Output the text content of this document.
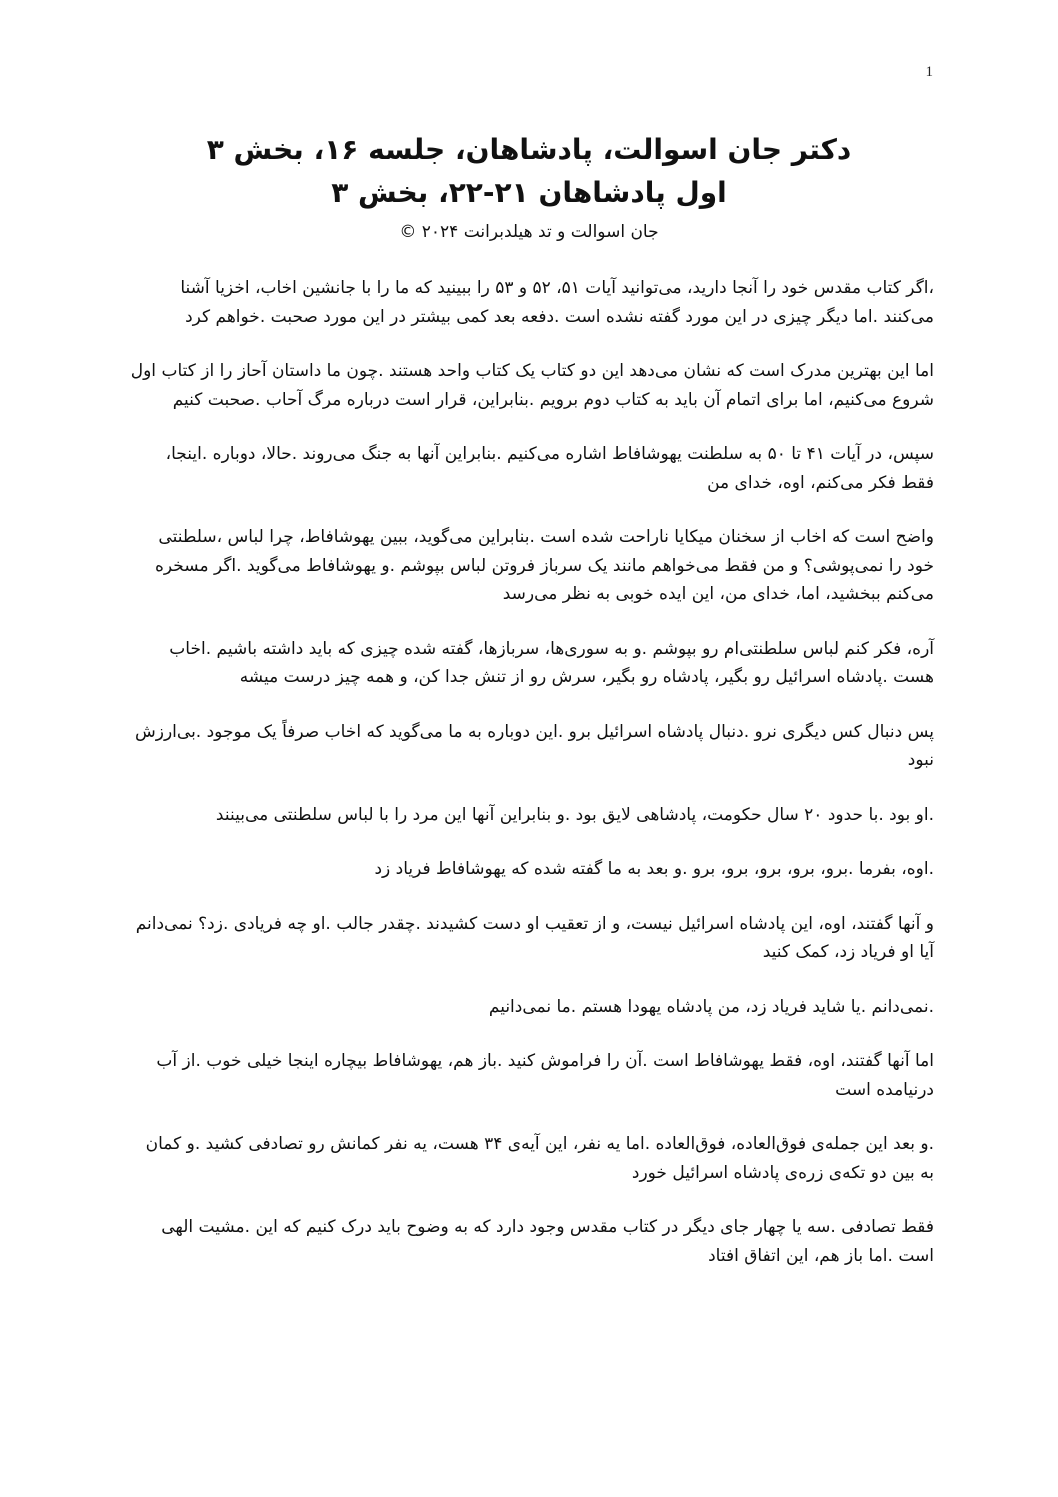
1

دکتر جان اسوالت، پادشاهان، جلسه ۱۶، بخش ۳

اول پادشاهان ۲۱-۲۲، بخش ۳

جان اسوالت و تد هیلدبرانت ۲۰۲۴ ©

،اگر کتاب مقدس خود را آنجا دارید، می‌توانید آیات ۵۱، ۵۲ و ۵۳ را ببینید که ما را با جانشین اخاب، اخزیا آشنا می‌کنند .اما دیگر چیزی در این مورد گفته نشده است .دفعه بعد کمی بیشتر در این مورد صحبت .خواهم کرد

اما این بهترین مدرک است که نشان می‌دهد این دو کتاب یک کتاب واحد هستند .چون ما داستان آحاز را از کتاب اول شروع می‌کنیم، اما برای اتمام آن باید به کتاب دوم برویم .بنابراین، قرار است درباره مرگ آحاب .صحبت کنیم

سپس، در آیات ۴۱ تا ۵۰ به سلطنت یهوشافاط اشاره می‌کنیم .بنابراین آنها به جنگ می‌روند .حالا، دوباره .اینجا، فقط فکر می‌کنم، اوه، خدای من

واضح است که اخاب از سخنان میکایا ناراحت شده است .بنابراین می‌گوید، ببین یهوشافاط، چرا لباس ،سلطنتی خود را نمی‌پوشی؟ و من فقط می‌خواهم مانند یک سرباز فروتن لباس بپوشم .و یهوشافاط می‌گوید .اگر مسخره می‌کنم ببخشید، اما، خدای من، این ایده خوبی به نظر می‌رسد

آره، فکر کنم لباس سلطنتی‌ام رو بپوشم .و به سوری‌ها، سربازها، گفته شده چیزی که باید داشته باشیم .اخاب هست .پادشاه اسرائیل رو بگیر، پادشاه رو بگیر، سرش رو از تنش جدا کن، و همه چیز درست میشه

پس دنبال کس دیگری نرو .دنبال پادشاه اسرائیل برو .این دوباره به ما می‌گوید که اخاب صرفاً یک موجود .بی‌ارزش نبود

.او بود .با حدود ۲۰ سال حکومت، پادشاهی لایق بود .و بنابراین آنها این مرد را با لباس سلطنتی می‌بینند

.اوه، بفرما .برو، برو، برو، برو، برو .و بعد به ما گفته شده که یهوشافاط فریاد زد

و آنها گفتند، اوه، این پادشاه اسرائیل نیست، و از تعقیب او دست کشیدند .چقدر جالب .او چه فریادی .زد؟ نمی‌دانم آیا او فریاد زد، کمک کنید

.نمی‌دانم .یا شاید فریاد زد، من پادشاه یهودا هستم .ما نمی‌دانیم

اما آنها گفتند، اوه، فقط یهوشافاط است .آن را فراموش کنید .باز هم، یهوشافاط بیچاره اینجا خیلی خوب .از آب درنیامده است

.و بعد این جمله‌ی فوق‌العاده، فوق‌العاده .اما یه نفر، این آیه‌ی ۳۴ هست، یه نفر کمانش رو تصادفی کشید .و کمان به بین دو تکه‌ی زره‌ی پادشاه اسرائیل خورد

فقط تصادفی .سه یا چهار جای دیگر در کتاب مقدس وجود دارد که به وضوح باید درک کنیم که این .مشیت الهی است .اما باز هم، این اتفاق افتاد
